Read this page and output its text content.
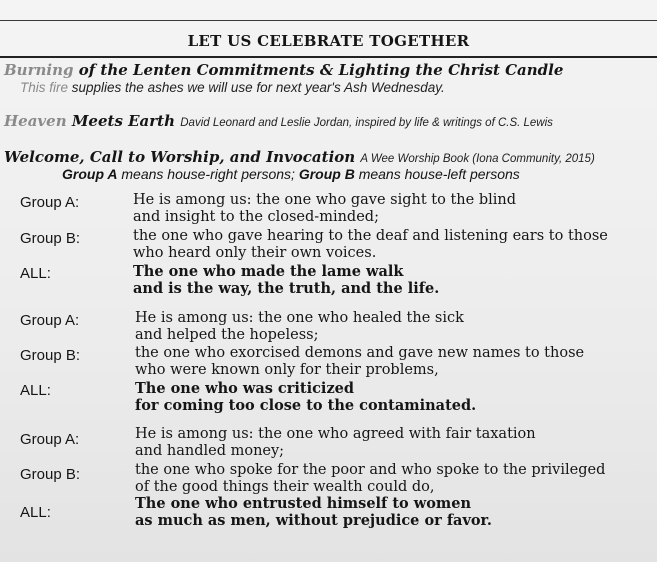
LET US CELEBRATE TOGETHER
Burning of the Lenten Commitments & Lighting the Christ Candle
This fire supplies the ashes we will use for next year's Ash Wednesday.
Heaven Meets Earth David Leonard and Leslie Jordan, inspired by life & writings of C.S. Lewis
Welcome, Call to Worship, and Invocation A Wee Worship Book (Iona Community, 2015)
Group A means house-right persons; Group B means house-left persons
Group A:	He is among us: the one who gave sight to the blind
and insight to the closed-minded;
Group B:	the one who gave hearing to the deaf and listening ears to those
who heard only their own voices.
ALL:	The one who made the lame walk
and is the way, the truth, and the life.
Group A:	He is among us: the one who healed the sick
and helped the hopeless;
Group B:	the one who exorcised demons and gave new names to those
who were known only for their problems,
ALL:	The one who was criticized
for coming too close to the contaminated.
Group A:	He is among us: the one who agreed with fair taxation
and handled money;
Group B:	the one who spoke for the poor and who spoke to the privileged
of the good things their wealth could do,
ALL:
The one who entrusted himself to women
as much as men, without prejudice or favor.
